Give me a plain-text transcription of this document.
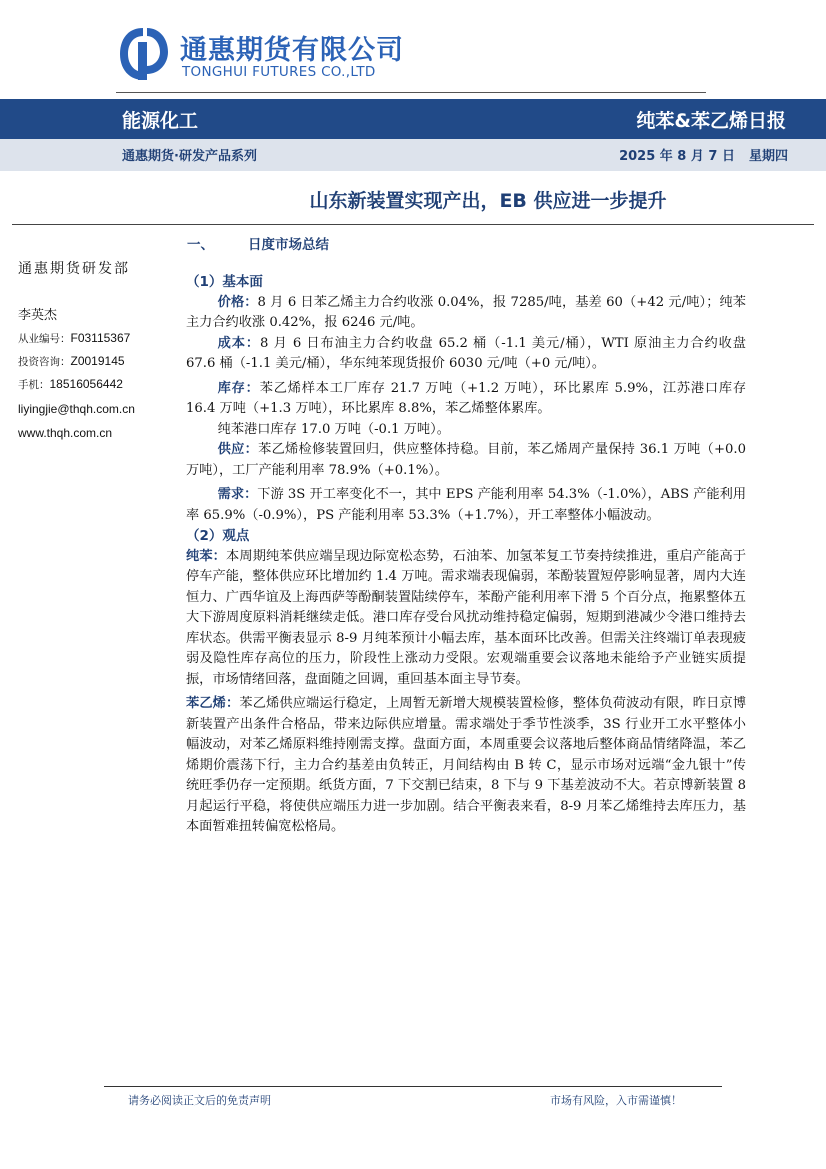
通惠期货有限公司
TONGHUI FUTURES CO.,LTD
能源化工	纯苯&苯乙烯日报
通惠期货·研发产品系列	2025 年 8 月 7 日 星期四
山东新装置实现产出，EB 供应进一步提升
通惠期货研发部
李英杰
从业编号：F03115367
投资咨询：Z0019145
手机：18516056442
liyingjie@thqh.com.cn
www.thqh.com.cn
一、	日度市场总结

（1）基本面

价格：8 月 6 日苯乙烯主力合约收涨 0.04%，报 7285/吨，基差 60（+42 元/吨）；纯苯主力合约收涨 0.42%，报 6246 元/吨。

成本：8 月 6 日布油主力合约收盘 65.2 桶（-1.1 美元/桶），WTI 原油主力合约收盘 67.6 桶（-1.1 美元/桶），华东纯苯现货报价 6030 元/吨（+0 元/吨）。

库存：苯乙烯样本工厂库存 21.7 万吨（+1.2 万吨），环比累库 5.9%，江苏港口库存 16.4 万吨（+1.3 万吨），环比累库 8.8%，苯乙烯整体累库。

纯苯港口库存 17.0 万吨（-0.1 万吨）。

供应：苯乙烯检修装置回归，供应整体持稳。目前，苯乙烯周产量保持 36.1 万吨（+0.0 万吨），工厂产能利用率 78.9%（+0.1%）。

需求：下游 3S 开工率变化不一，其中 EPS 产能利用率 54.3%（-1.0%），ABS 产能利用率 65.9%（-0.9%），PS 产能利用率 53.3%（+1.7%），开工率整体小幅波动。

（2）观点

纯苯：本周期纯苯供应端呈现边际宽松态势，石油苯、加氢苯复工节奏持续推进，重启产能高于停车产能，整体供应环比增加约 1.4 万吨。需求端表现偏弱，苯酚装置短停影响显著，周内大连恒力、广西华谊及上海西萨等酚酮装置陆续停车，苯酚产能利用率下滑 5 个百分点，拖累整体五大下游周度原料消耗继续走低。港口库存受台风扰动维持稳定偏弱，短期到港减少令港口维持去库状态。供需平衡表显示 8-9 月纯苯预计小幅去库，基本面环比改善。但需关注终端订单表现疲弱及隐性库存高位的压力，阶段性上涨动力受限。宏观端重要会议落地未能给予产业链实质提振，市场情绪回落，盘面随之回调，重回基本面主导节奏。

苯乙烯：苯乙烯供应端运行稳定，上周暂无新增大规模装置检修，整体负荷波动有限，昨日京博新装置产出条件合格品，带来边际供应增量。需求端处于季节性淡季，3S 行业开工水平整体小幅波动，对苯乙烯原料维持刚需支撑。盘面方面，本周重要会议落地后整体商品情绪降温，苯乙烯期价震荡下行，主力合约基差由负转正，月间结构由 B 转 C，显示市场对远端“金九银十”传统旺季仍存一定预期。纸货方面，7 下交割已结束，8 下与 9 下基差波动不大。若京博新装置 8 月起运行平稳，将使供应端压力进一步加剧。结合平衡表来看，8-9 月苯乙烯维持去库压力，基本面暂难扭转偏宽松格局。

请务必阅读正文后的免责声明	市场有风险，入市需谨慎！
